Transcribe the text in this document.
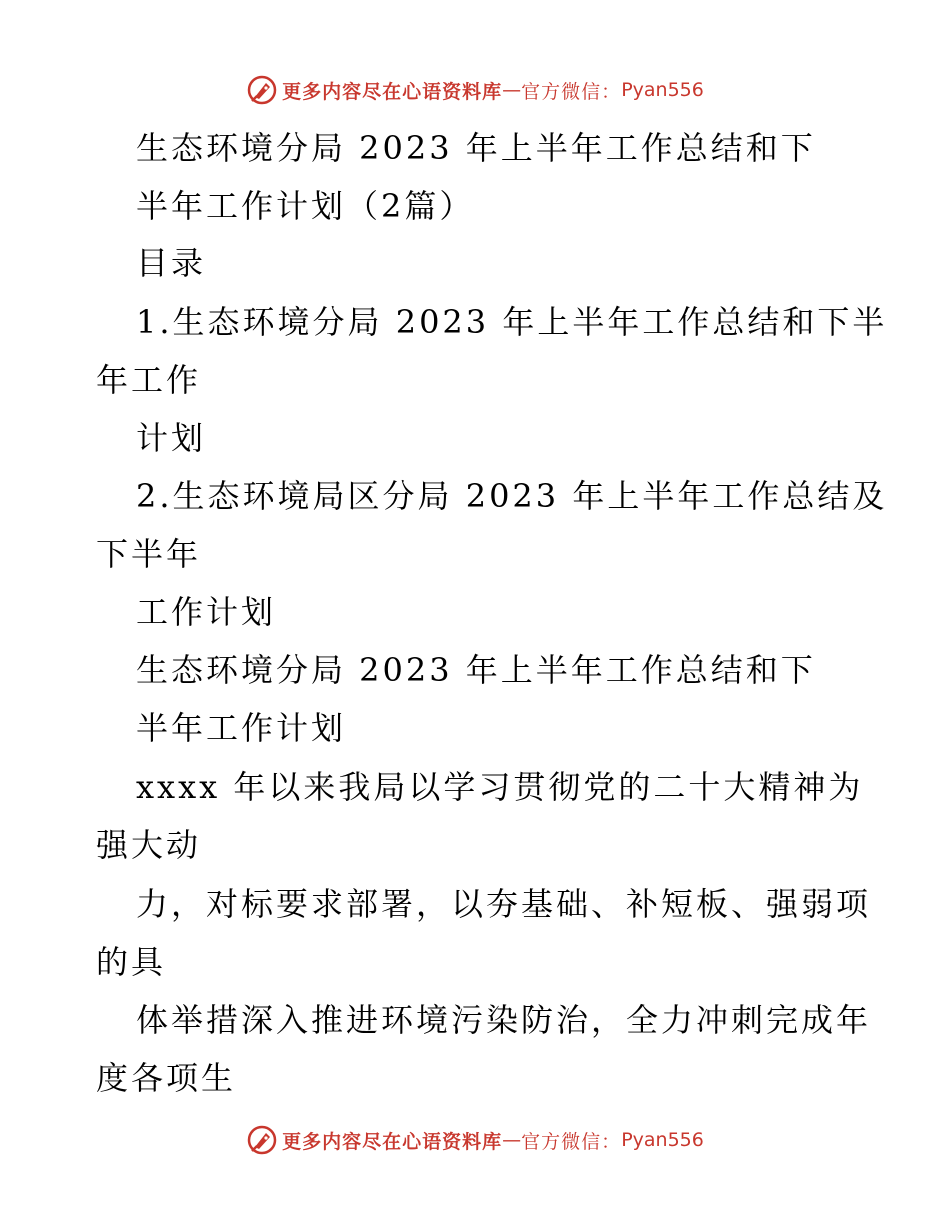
更多内容尽在心语资料库 — 官方微信： Pyan556
生态环境分局 2023 年上半年工作总结和下
半年工作计划（2篇）
目录
1.生态环境分局 2023 年上半年工作总结和下半
年工作
计划
2.生态环境局区分局 2023 年上半年工作总结及
下半年
工作计划
生态环境分局 2023 年上半年工作总结和下
半年工作计划
xxxx 年以来我局以学习贯彻党的二十大精神为
强大动
力，对标要求部署，以夯基础、补短板、强弱项
的具
体举措深入推进环境污染防治，全力冲刺完成年
度各项生
更多内容尽在心语资料库 — 官方微信： Pyan556
